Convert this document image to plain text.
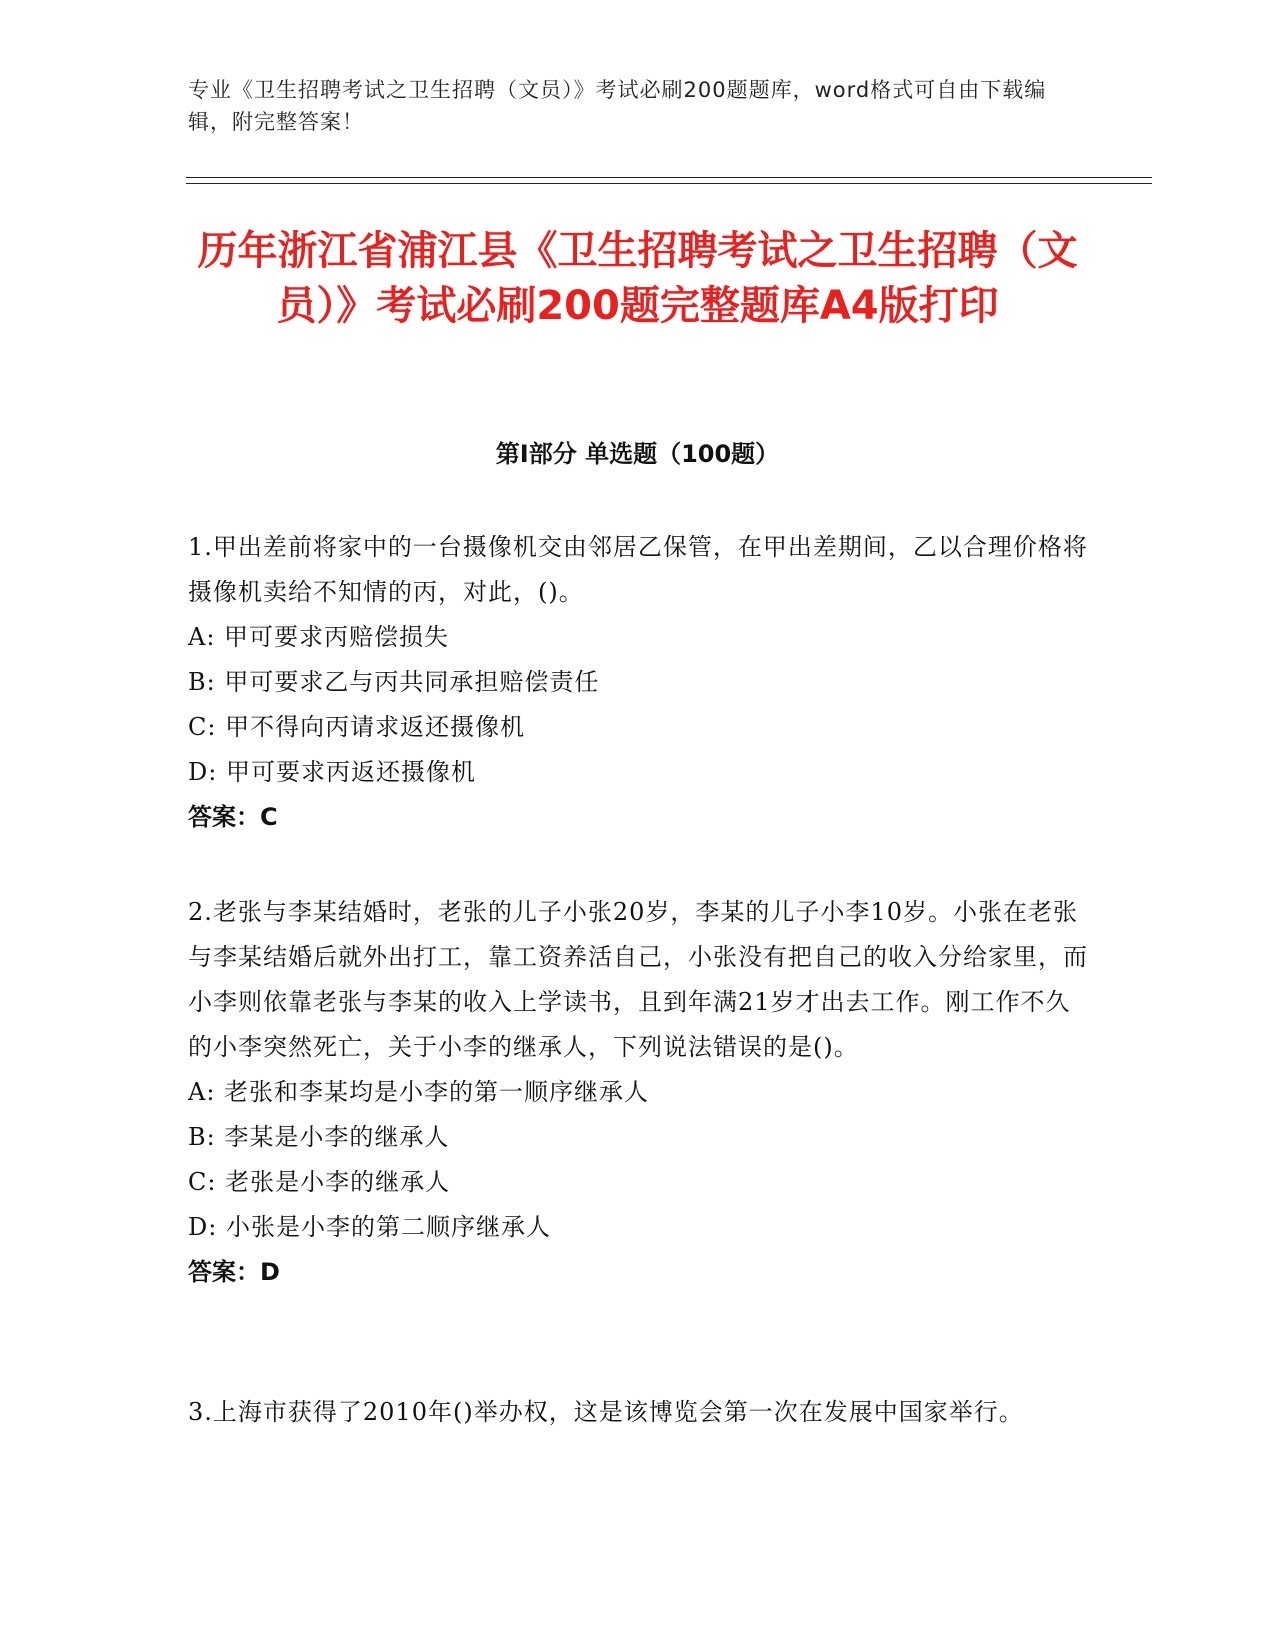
专业《卫生招聘考试之卫生招聘（文员）》考试必刷200题题库，word格式可自由下载编辑，附完整答案！
历年浙江省浦江县《卫生招聘考试之卫生招聘（文员）》考试必刷200题完整题库A4版打印
第I部分 单选题（100题）
1.甲出差前将家中的一台摄像机交由邻居乙保管，在甲出差期间，乙以合理价格将摄像机卖给不知情的丙，对此，()。
A: 甲可要求丙赔偿损失
B: 甲可要求乙与丙共同承担赔偿责任
C: 甲不得向丙请求返还摄像机
D: 甲可要求丙返还摄像机
答案：C
2.老张与李某结婚时，老张的儿子小张20岁，李某的儿子小李10岁。小张在老张与李某结婚后就外出打工，靠工资养活自己，小张没有把自己的收入分给家里，而小李则依靠老张与李某的收入上学读书，且到年满21岁才出去工作。刚工作不久的小李突然死亡，关于小李的继承人，下列说法错误的是()。
A: 老张和李某均是小李的第一顺序继承人
B: 李某是小李的继承人
C: 老张是小李的继承人
D: 小张是小李的第二顺序继承人
答案：D
3.上海市获得了2010年()举办权，这是该博览会第一次在发展中国家举行。
